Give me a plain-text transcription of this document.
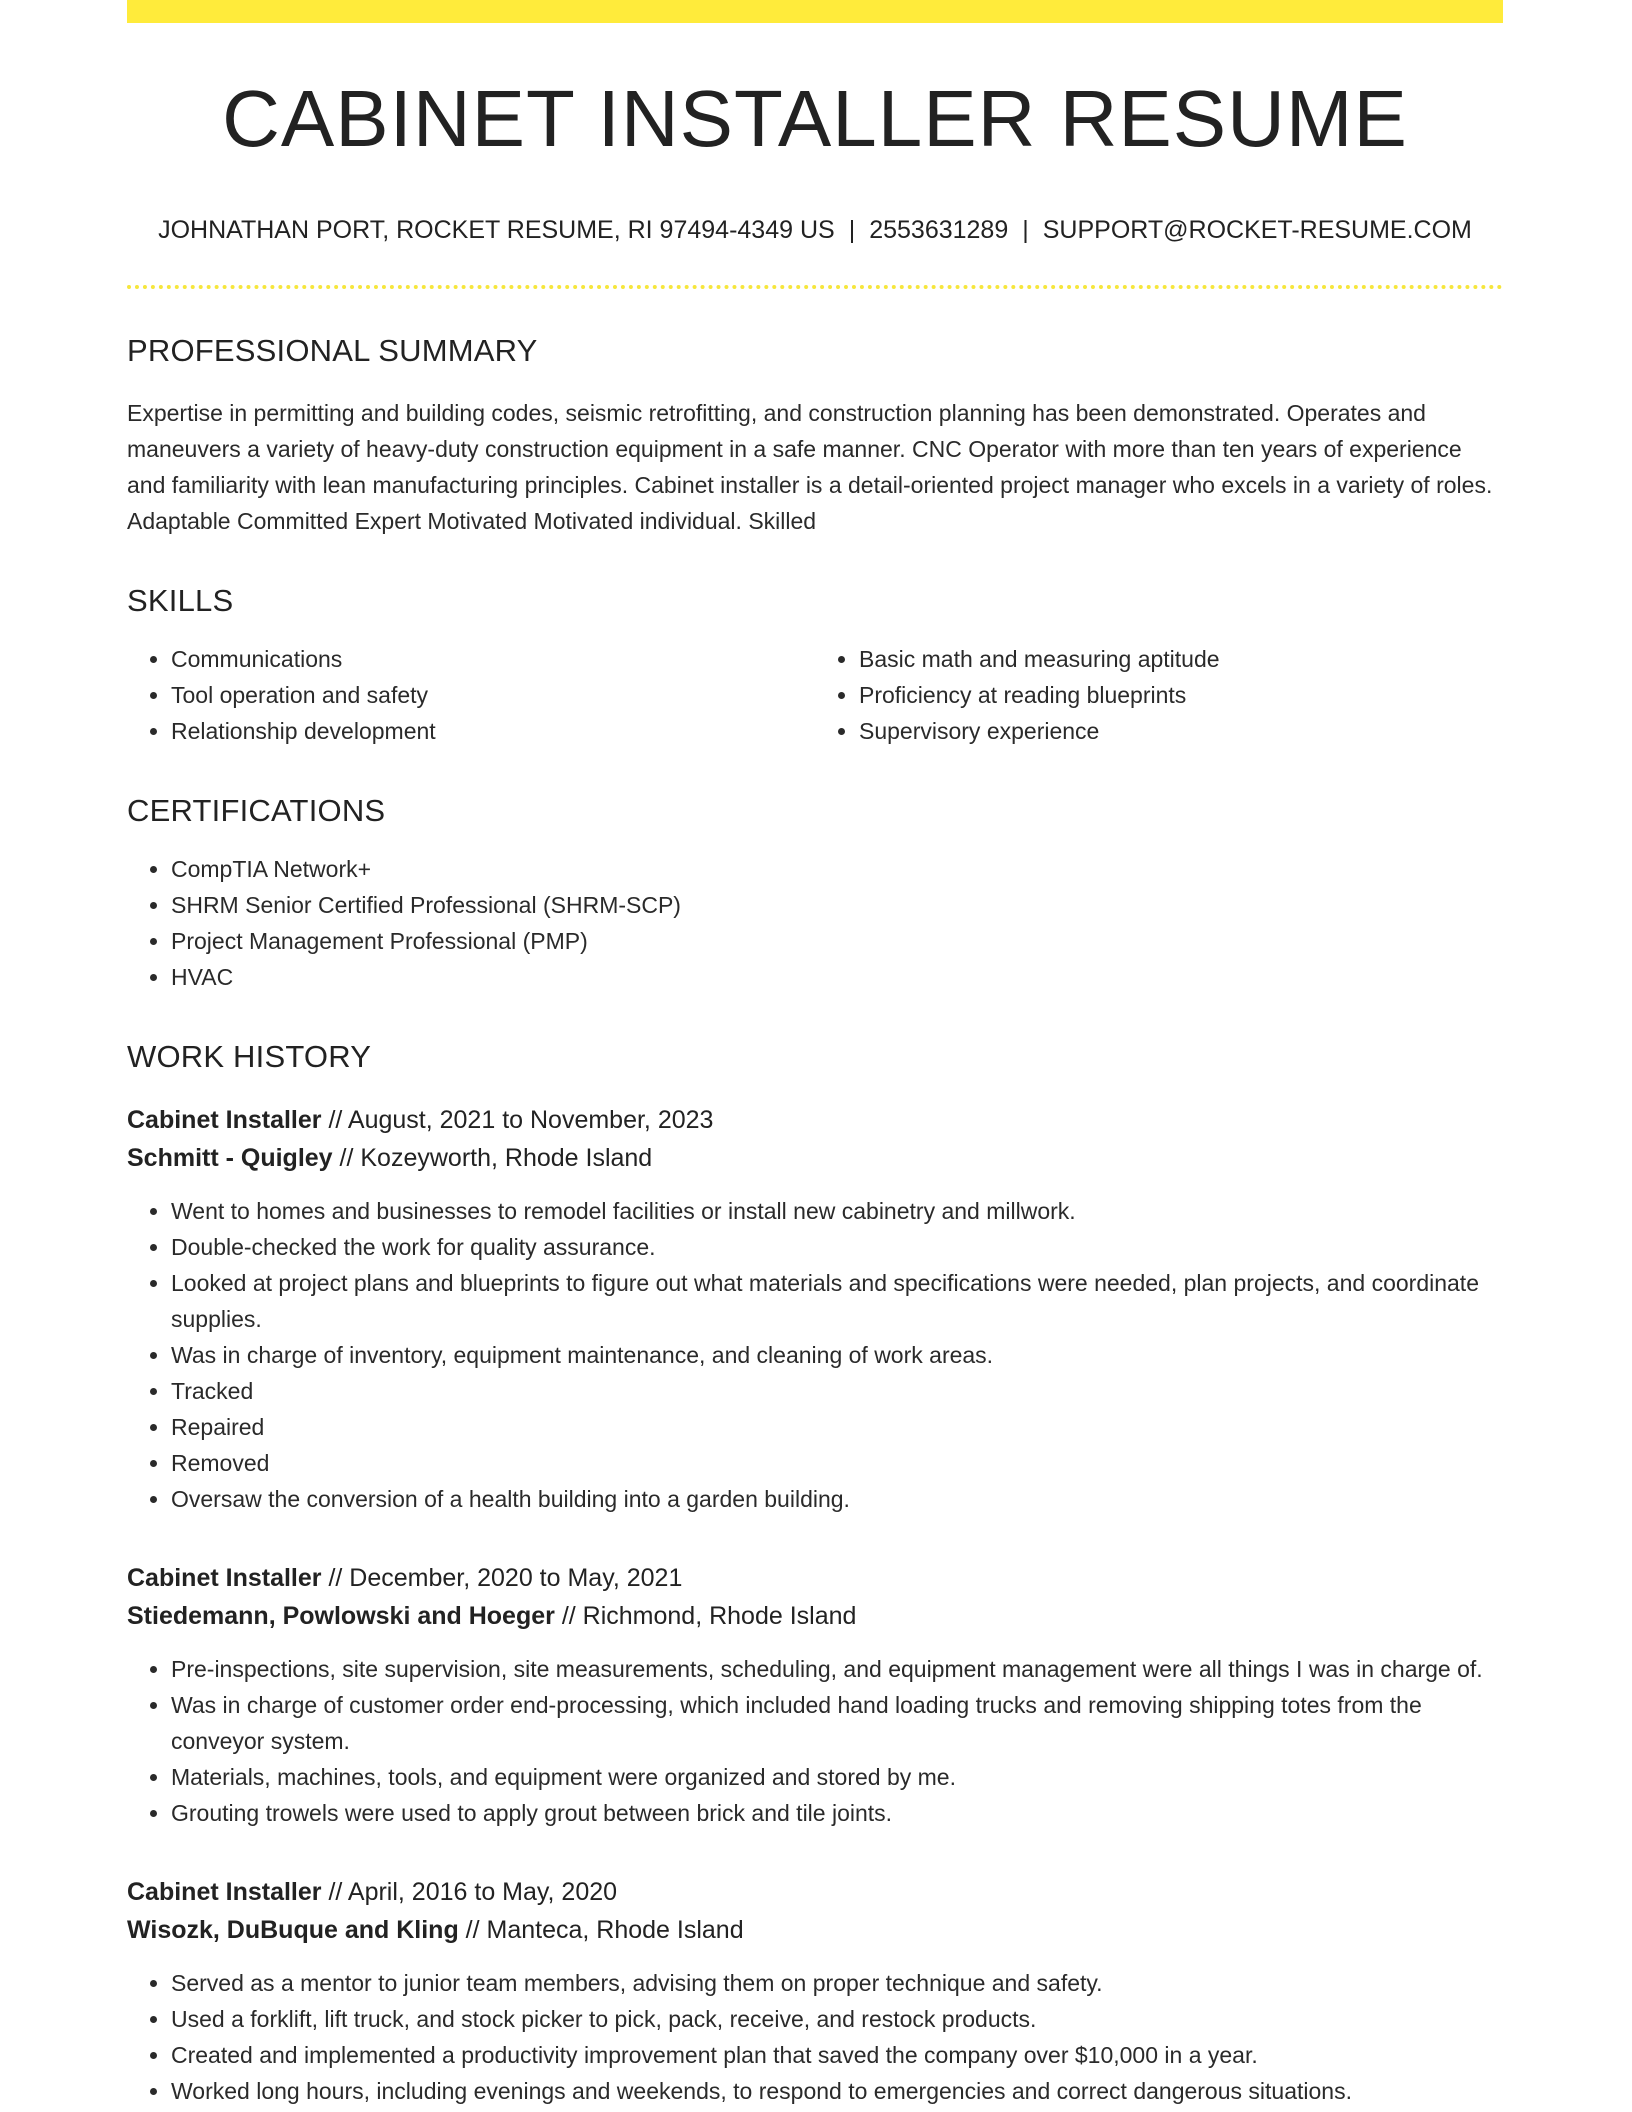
CABINET INSTALLER RESUME
JOHNATHAN PORT, ROCKET RESUME, RI 97494-4349 US | 2553631289 | SUPPORT@ROCKET-RESUME.COM
PROFESSIONAL SUMMARY

Expertise in permitting and building codes, seismic retrofitting, and construction planning has been demonstrated. Operates and maneuvers a variety of heavy-duty construction equipment in a safe manner. CNC Operator with more than ten years of experience and familiarity with lean manufacturing principles. Cabinet installer is a detail-oriented project manager who excels in a variety of roles. Adaptable Committed Expert Motivated Motivated individual. Skilled

SKILLS
• Communications
• Tool operation and safety
• Relationship development
• Basic math and measuring aptitude
• Proficiency at reading blueprints
• Supervisory experience
CERTIFICATIONS
• CompTIA Network+
• SHRM Senior Certified Professional (SHRM-SCP)
• Project Management Professional (PMP)
• HVAC
WORK HISTORY
Cabinet Installer // August, 2021 to November, 2023
Schmitt - Quigley // Kozeyworth, Rhode Island
• Went to homes and businesses to remodel facilities or install new cabinetry and millwork.
• Double-checked the work for quality assurance.
• Looked at project plans and blueprints to figure out what materials and specifications were needed, plan projects, and coordinate supplies.
• Was in charge of inventory, equipment maintenance, and cleaning of work areas.
• Tracked
• Repaired
• Removed
• Oversaw the conversion of a health building into a garden building.
Cabinet Installer // December, 2020 to May, 2021
Stiedemann, Powlowski and Hoeger // Richmond, Rhode Island
• Pre-inspections, site supervision, site measurements, scheduling, and equipment management were all things I was in charge of.
• Was in charge of customer order end-processing, which included hand loading trucks and removing shipping totes from the conveyor system.
• Materials, machines, tools, and equipment were organized and stored by me.
• Grouting trowels were used to apply grout between brick and tile joints.
Cabinet Installer // April, 2016 to May, 2020
Wisozk, DuBuque and Kling // Manteca, Rhode Island
• Served as a mentor to junior team members, advising them on proper technique and safety.
• Used a forklift, lift truck, and stock picker to pick, pack, receive, and restock products.
• Created and implemented a productivity improvement plan that saved the company over $10,000 in a year.
• Worked long hours, including evenings and weekends, to respond to emergencies and correct dangerous situations.
